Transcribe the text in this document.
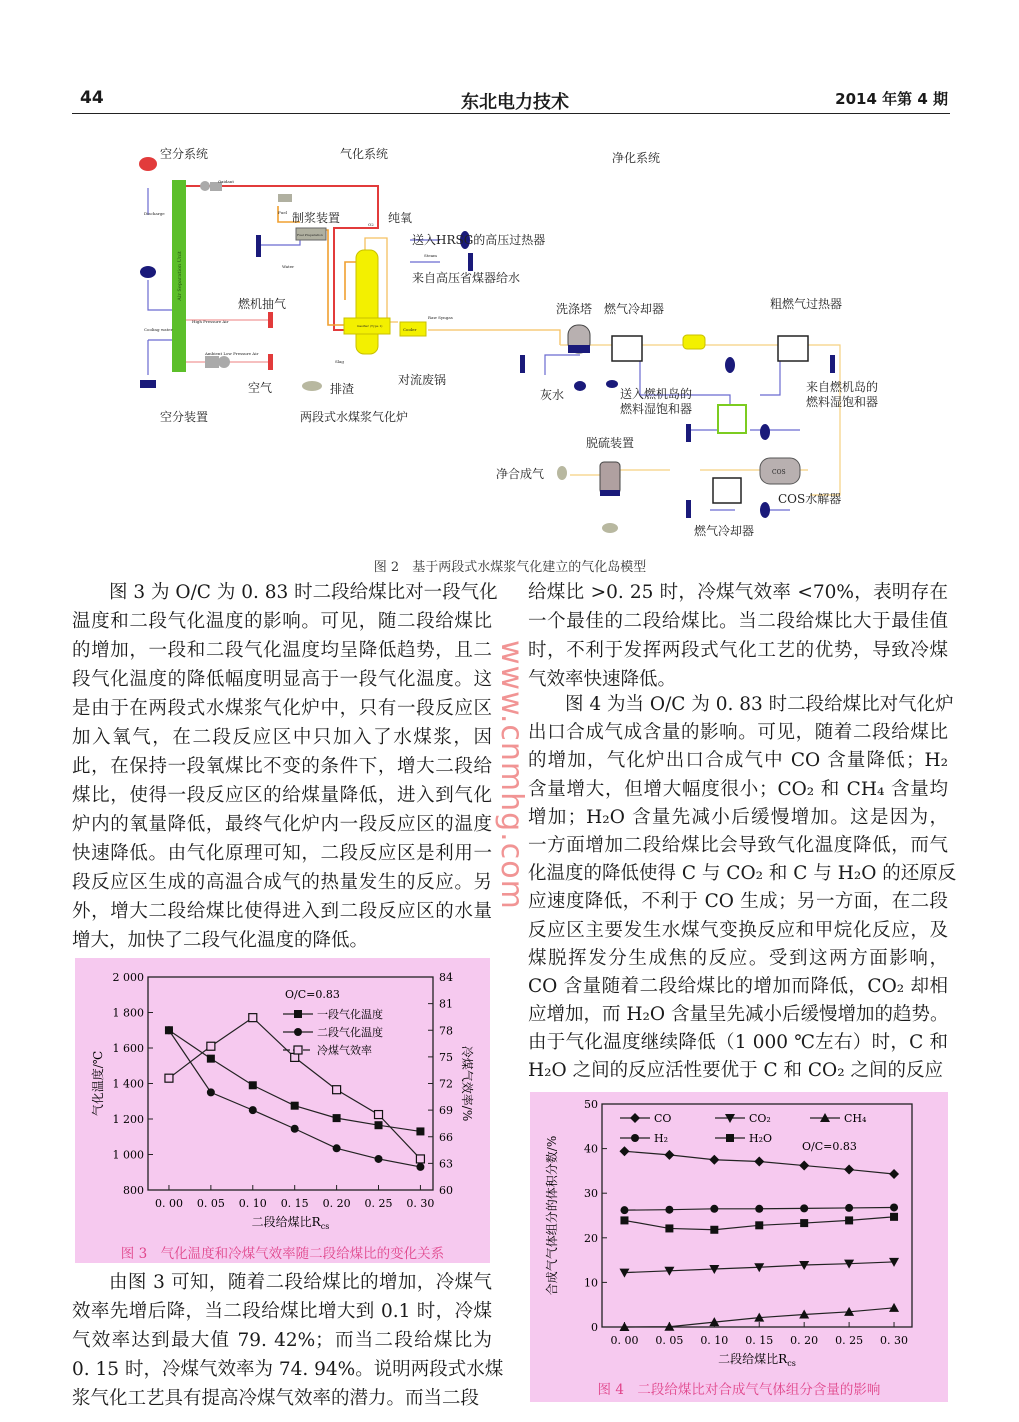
44	东北电力技术	2014 年第 4 期
空分系统	气化系统	净化系统
制浆装置	纯氧
送入HRSG的高压过热器
来自高压省煤器给水
燃机抽气
空气	排渣
对流废锅
空分装置	两段式水煤浆气化炉
洗涤塔 燃气冷却器	粗燃气过热器
灰水	送入燃机岛的
燃料湿饱和器
来自燃机岛的
燃料湿饱和器
脱硫装置
净合成气
COS水解器
燃气冷却器
COS
Oxidant
Discharge	Fuel
Fuel Preparation
Water
O2
Steam
High Pressure Air
Ambient Low Pressure Air
Cooling water
Slag
Gasifier (Type 1)
Cooler
Raw Syngas
Air Separation Unit
图 2　基于两段式水煤浆气化建立的气化岛模型
图 3 为 O/C 为 0. 83 时二段给煤比对一段气化
温度和二段气化温度的影响。可见，随二段给煤比
的增加，一段和二段气化温度均呈降低趋势，且二
段气化温度的降低幅度明显高于一段气化温度。这
是由于在两段式水煤浆气化炉中，只有一段反应区
加入氧气，在二段反应区中只加入了水煤浆，因
此，在保持一段氧煤比不变的条件下，增大二段给
煤比，使得一段反应区的给煤量降低，进入到气化
炉内的氧量降低，最终气化炉内一段反应区的温度
快速降低。由气化原理可知，二段反应区是利用一
段反应区生成的高温合成气的热量发生的反应。另
外，增大二段给煤比使得进入到二段反应区的水量
增大，加快了二段气化温度的降低。
800
1 000
1 200
1 400
1 600
1 800
2 000
60
63
66
69
72
75
78
81
84
冷煤气效率/%
0. 00 0. 05 0. 10 0. 15 0. 20 0. 25 0. 30
二段给煤比$R_{cs}$
气化温度/℃
O/C=0.83
一段气化温度
二段气化温度
冷煤气效率
图 3　气化温度和冷煤气效率随二段给煤比的变化关系
由图 3 可知，随着二段给煤比的增加，冷煤气
效率先增后降，当二段给煤比增大到 0.1 时，冷煤
气效率达到最大值 79. 42%；而当二段给煤比为
0. 15 时，冷煤气效率为 74. 94%。说明两段式水煤
浆气化工艺具有提高冷煤气效率的潜力。而当二段
给煤比 >0. 25 时，冷煤气效率 <70%，表明存在
一个最佳的二段给煤比。当二段给煤比大于最佳值
时，不利于发挥两段式气化工艺的优势，导致冷煤
气效率快速降低。
图 4 为当 O/C 为 0. 83 时二段给煤比对气化炉
出口合成气成含量的影响。可见，随着二段给煤比
的增加，气化炉出口合成气中 CO 含量降低；H₂
含量增大，但增大幅度很小；CO₂ 和 CH₄ 含量均
增加；H₂O 含量先减小后缓慢增加。这是因为，
一方面增加二段给煤比会导致气化温度降低，而气
化温度的降低使得 C 与 CO₂ 和 C 与 H₂O 的还原反
应速度降低，不利于 CO 生成；另一方面，在二段
反应区主要发生水煤气变换反应和甲烷化反应，及
煤脱挥发分生成焦的反应。受到这两方面影响，
CO 含量随着二段给煤比的增加而降低，CO₂ 却相
应增加，而 H₂O 含量呈先减小后缓慢增加的趋势。
由于气化温度继续降低（1 000 ℃左右）时，C 和
H₂O 之间的反应活性要优于 C 和 CO₂ 之间的反应
0
10
20
30
40
50
0. 00 0. 05 0. 10 0. 15 0. 20 0. 25 0. 30
二段给煤比$R_{cs}$
合成气气体组分的体积分数/%	O/C=0.83
CO	CO₂	CH₄
H₂	H₂O
图 4　二段给煤比对合成气气体组分含量的影响
www.cnmhg.com
